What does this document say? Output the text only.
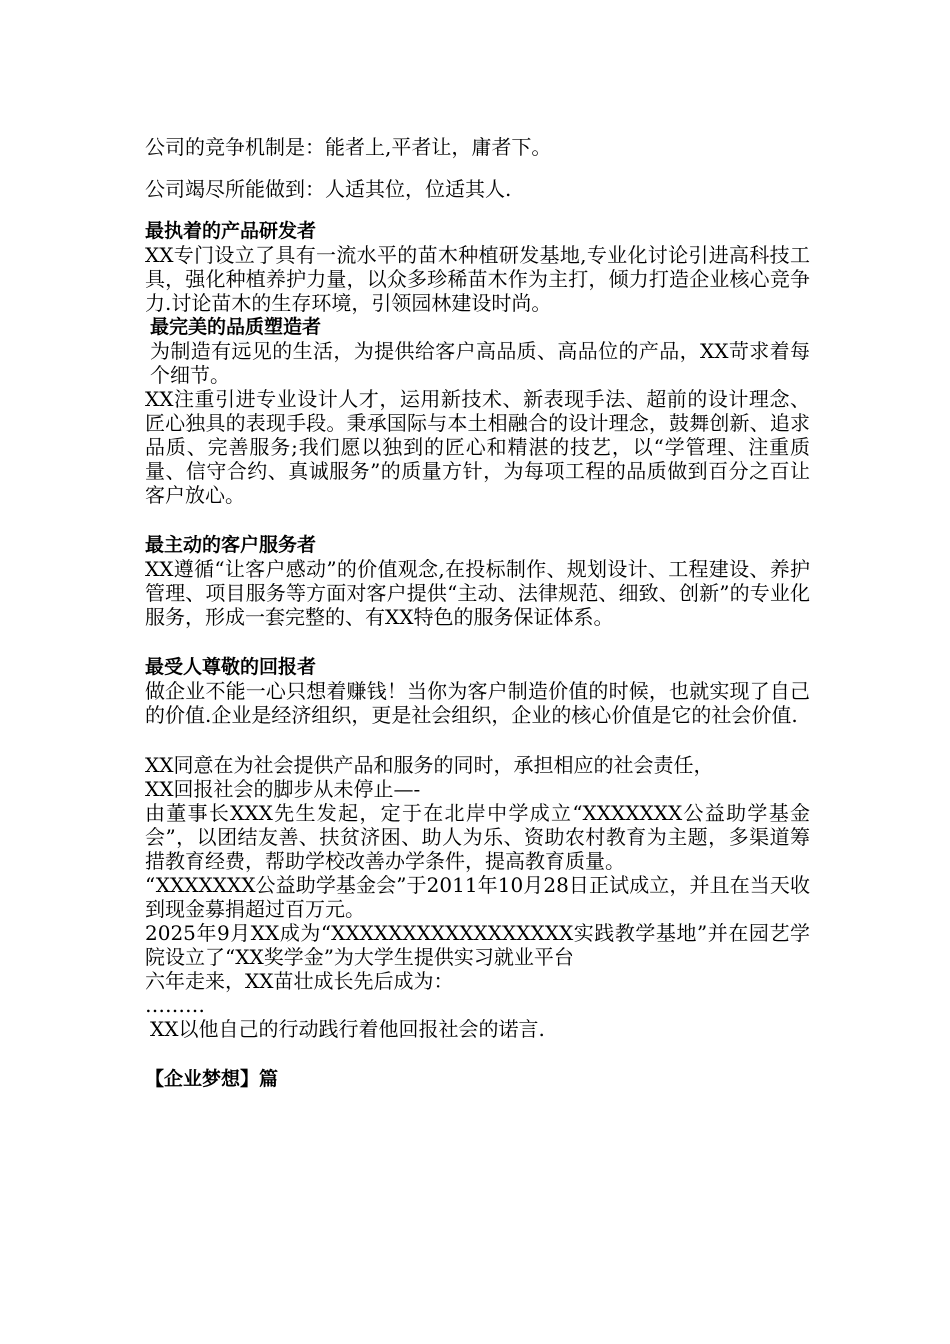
公司的竞争机制是：能者上,平者让，庸者下。

公司竭尽所能做到：人适其位，位适其人.

最执着的产品研发者

XX专门设立了具有一流水平的苗木种植研发基地,专业化讨论引进高科技工具，强化种植养护力量，以众多珍稀苗木作为主打，倾力打造企业核心竞争力.讨论苗木的生存环境，引领园林建设时尚。

最完美的品质塑造者

为制造有远见的生活，为提供给客户高品质、高品位的产品，XX苛求着每个细节。

XX注重引进专业设计人才，运用新技术、新表现手法、超前的设计理念、匠心独具的表现手段。秉承国际与本土相融合的设计理念，鼓舞创新、追求品质、完善服务;我们愿以独到的匠心和精湛的技艺，以“学管理、注重质量、信守合约、真诚服务”的质量方针，为每项工程的品质做到百分之百让客户放心。

最主动的客户服务者

XX遵循“让客户感动”的价值观念,在投标制作、规划设计、工程建设、养护管理、项目服务等方面对客户提供“主动、法律规范、细致、创新”的专业化服务，形成一套完整的、有XX特色的服务保证体系。

最受人尊敬的回报者

做企业不能一心只想着赚钱！当你为客户制造价值的时候，也就实现了自己的价值.企业是经济组织，更是社会组织，企业的核心价值是它的社会价值.

XX同意在为社会提供产品和服务的同时，承担相应的社会责任，

XX回报社会的脚步从未停止—-

由董事长XXX先生发起，定于在北岸中学成立“XXXXXXX公益助学基金会”，以团结友善、扶贫济困、助人为乐、资助农村教育为主题，多渠道筹措教育经费，帮助学校改善办学条件，提高教育质量。

“XXXXXXX公益助学基金会”于2011年10月28日正试成立，并且在当天收到现金募捐超过百万元。

2025年9月XX成为“XXXXXXXXXXXXXXXXX实践教学基地”并在园艺学院设立了“XX奖学金”为大学生提供实习就业平台

六年走来，XX苗壮成长先后成为：

………

XX以他自己的行动践行着他回报社会的诺言.

【企业梦想】篇
